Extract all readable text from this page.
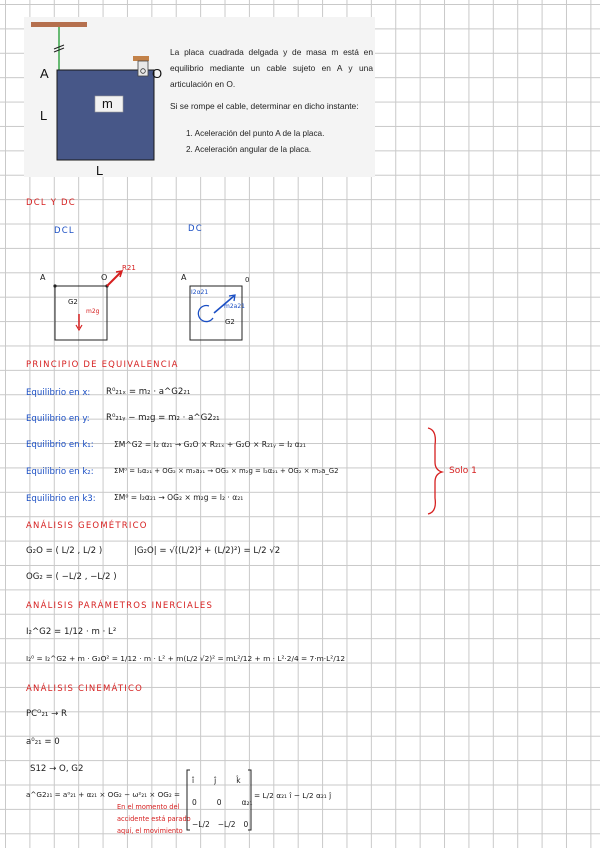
A	O
m
L
L
La placa cuadrada delgada y de masa m está en equilibrio mediante un cable sujeto en A y una articulación en O.
Si se rompe el cable, determinar en dicho instante:
1. Aceleración del punto A de la placa.
2. Aceleración angular de la placa.
DCL Y DC
DCL	DC
A	O
G2
R21
m2g
A	0
G2
I2α21
m2a21
PRINCIPIO DE EQUIVALENCIA
Equilibrio en x: R⁰₂₁ₓ = m₂ · a^G2₂₁
Equilibrio en y: R⁰₂₁ᵧ − m₂g = m₂ · a^G2₂₁
Equilibrio en k₁:	ΣM^G2 = I₂ α₂₁ → G₂O × R₂₁ₓ + G₂O × R₂₁ᵧ = I₂ α₂₁
Equilibrio en k₂:	ΣM⁰ = I₂α₂₁ + OG₂ × m₂a₂₁ → OG₂ × m₂g = I₂α₂₁ + OG₂ × m₂a_G2
Equilibrio en k3: ΣM⁰ = I₂α₂₁ → OG₂ × m₂g = I₂ · α₂₁
Solo 1
ANÁLISIS GEOMÉTRICO
G₂O = ( L/2 , L/2 )	|G₂O| = √((L/2)² + (L/2)²) = L/2 √2
OG₂ = ( −L/2 , −L/2 )
ANÁLISIS PARÁMETROS INERCIALES
I₂^G2 = 1/12 · m · L²
I₂⁰ = I₂^G2 + m · G₂O² = 1/12 · m · L² + m(L/2 √2)² = mL²/12 + m · L²·2/4 = 7·m·L²/12
ANÁLISIS CINEMÁTICO
PCᴼ₂₁ → R
a⁰₂₁ = 0
S12 → O, G2
a^G2₂₁ = a⁰₂₁ + α₂₁ × OG₂ − ω²₂₁ × OG₂ =
En el momento del accidente está parado aquí, el movimiento
î	ĵ	k̂
0	0	α₂₁
−L/2 −L/2 0
= L/2 α₂₁ î − L/2 α₂₁ ĵ
